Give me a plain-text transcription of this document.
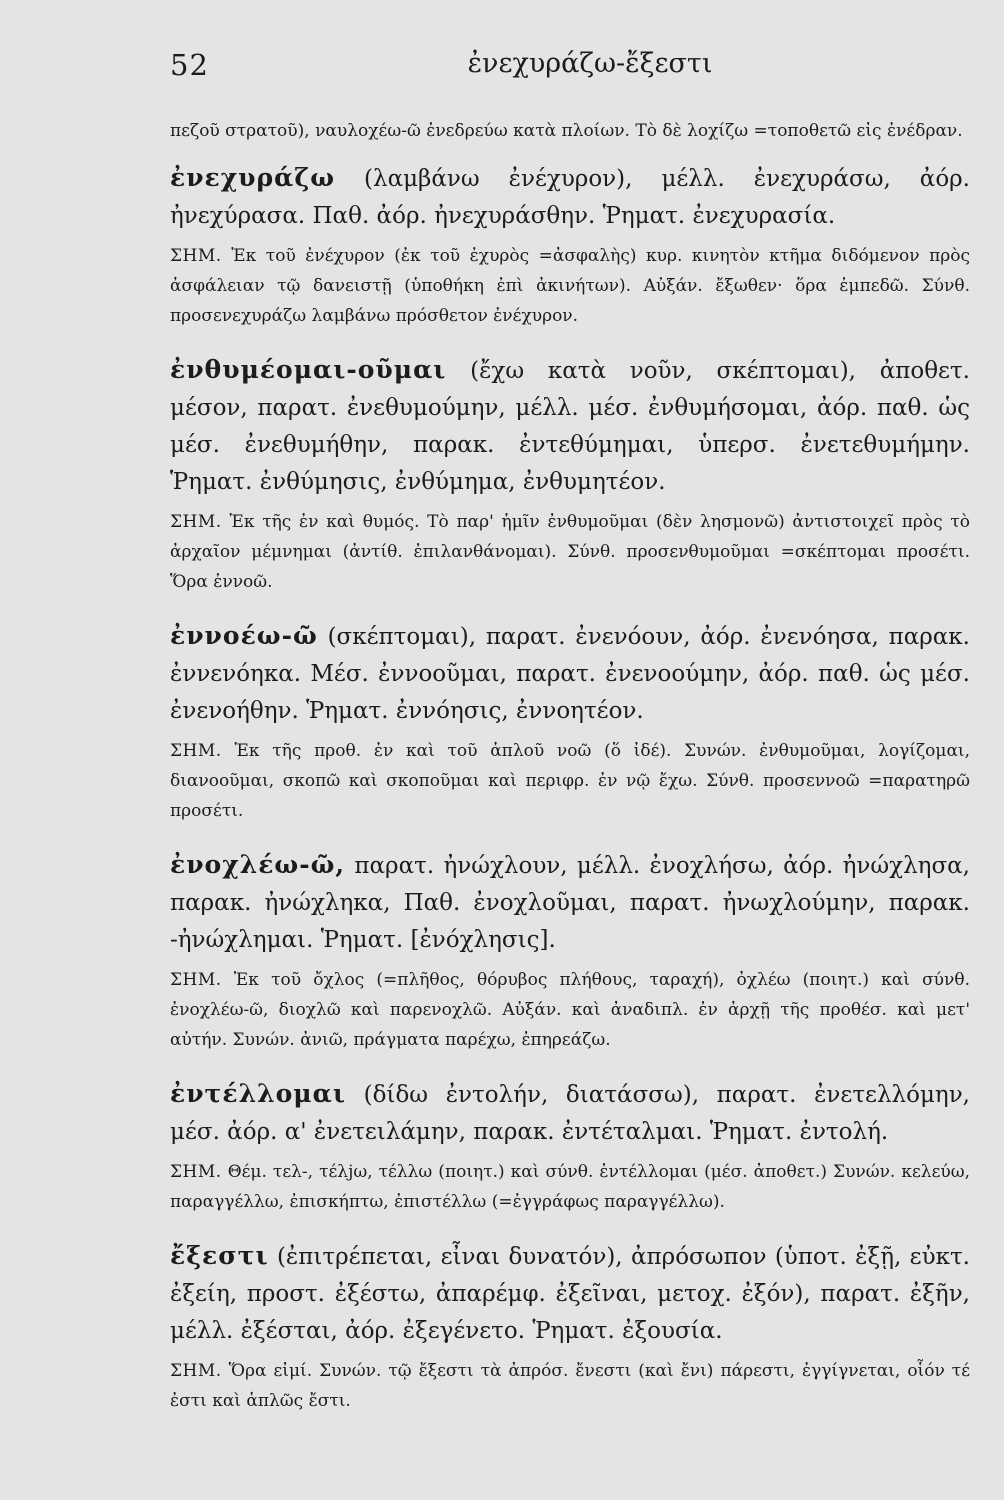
52	ἐνεχυράζω-ἔξεστι

πεζοῦ στρατοῦ), ναυλοχέω-ῶ ἐνεδρεύω κατὰ πλοίων. Τὸ δὲ λοχίζω =τοποθετῶ εἰς ἐνέδραν.

ἐνεχυράζω (λαμβάνω ἐνέχυρον), μέλλ. ἐνεχυράσω, ἀόρ. ἠνεχύρασα. Παθ. ἀόρ. ἠνεχυράσθην. Ῥηματ. ἐνεχυρασία.

ΣΗΜ. Ἐκ τοῦ ἐνέχυρον (ἐκ τοῦ ἐχυρὸς =ἀσφαλὴς) κυρ. κινητὸν κτῆμα διδόμενον πρὸς ἀσφάλειαν τῷ δανειστῇ (ὑποθήκη ἐπὶ ἀκινήτων). Αὐξάν. ἔξωθεν· ὅρα ἐμπεδῶ. Σύνθ. προσενεχυράζω λαμβάνω πρόσθετον ἐνέχυρον.

ἐνθυμέομαι-οῦμαι (ἔχω κατὰ νοῦν, σκέπτομαι), ἀποθετ. μέσον, παρατ. ἐνεθυμούμην, μέλλ. μέσ. ἐνθυμήσομαι, ἀόρ. παθ. ὡς μέσ. ἐνεθυμήθην, παρακ. ἐντεθύμημαι, ὑπερσ. ἐνετεθυμήμην. Ῥηματ. ἐνθύμησις, ἐνθύμημα, ἐνθυμητέον.

ΣΗΜ. Ἐκ τῆς ἐν καὶ θυμός. Τὸ παρ' ἡμῖν ἐνθυμοῦμαι (δὲν λησμονῶ) ἀντιστοιχεῖ πρὸς τὸ ἀρχαῖον μέμνημαι (ἀντίθ. ἐπιλανθάνομαι). Σύνθ. προσενθυμοῦμαι =σκέπτομαι προσέτι. Ὅρα ἐννοῶ.

ἐννοέω-ῶ (σκέπτομαι), παρατ. ἐνενόουν, ἀόρ. ἐνενόησα, παρακ. ἐννενόηκα. Μέσ. ἐννοοῦμαι, παρατ. ἐνενοούμην, ἀόρ. παθ. ὡς μέσ. ἐνενοήθην. Ῥηματ. ἐννόησις, ἐννοητέον.

ΣΗΜ. Ἐκ τῆς προθ. ἐν καὶ τοῦ ἁπλοῦ νοῶ (ὅ ἰδέ). Συνών. ἐνθυμοῦμαι, λογίζομαι, διανοοῦμαι, σκοπῶ καὶ σκοποῦμαι καὶ περιφρ. ἐν νῷ ἔχω. Σύνθ. προσεννοῶ =παρατηρῶ προσέτι.

ἐνοχλέω-ῶ, παρατ. ἠνώχλουν, μέλλ. ἐνοχλήσω, ἀόρ. ἠνώχλησα, παρακ. ἠνώχληκα, Παθ. ἐνοχλοῦμαι, παρατ. ἠνωχλούμην, παρακ. -ἠνώχλημαι. Ῥηματ. [ἐνόχλησις].

ΣΗΜ. Ἐκ τοῦ ὄχλος (=πλῆθος, θόρυβος πλήθους, ταραχή), ὀχλέω (ποιητ.) καὶ σύνθ. ἐνοχλέω-ῶ, διοχλῶ καὶ παρενοχλῶ. Αὐξάν. καὶ ἀναδιπλ. ἐν ἀρχῇ τῆς προθέσ. καὶ μετ' αὐτήν. Συνών. ἀνιῶ, πράγματα παρέχω, ἐπηρεάζω.

ἐντέλλομαι (δίδω ἐντολήν, διατάσσω), παρατ. ἐνετελλόμην, μέσ. ἀόρ. α' ἐνετειλάμην, παρακ. ἐντέταλμαι. Ῥηματ. ἐντολή.

ΣΗΜ. Θέμ. τελ-, τέλjω, τέλλω (ποιητ.) καὶ σύνθ. ἐντέλλομαι (μέσ. ἀποθετ.) Συνών. κελεύω, παραγγέλλω, ἐπισκήπτω, ἐπιστέλλω (=ἐγγράφως παραγγέλλω).

ἔξεστι (ἐπιτρέπεται, εἶναι δυνατόν), ἀπρόσωπον (ὑποτ. ἐξῇ, εὐκτ. ἐξείη, προστ. ἐξέστω, ἀπαρέμφ. ἐξεῖναι, μετοχ. ἐξόν), παρατ. ἐξῆν, μέλλ. ἐξέσται, ἀόρ. ἐξεγένετο. Ῥηματ. ἐξουσία.

ΣΗΜ. Ὅρα εἰμί. Συνών. τῷ ἔξεστι τὰ ἀπρόσ. ἔνεστι (καὶ ἔνι) πάρεστι, ἐγγίγνεται, οἷόν τέ ἐστι καὶ ἁπλῶς ἔστι.
